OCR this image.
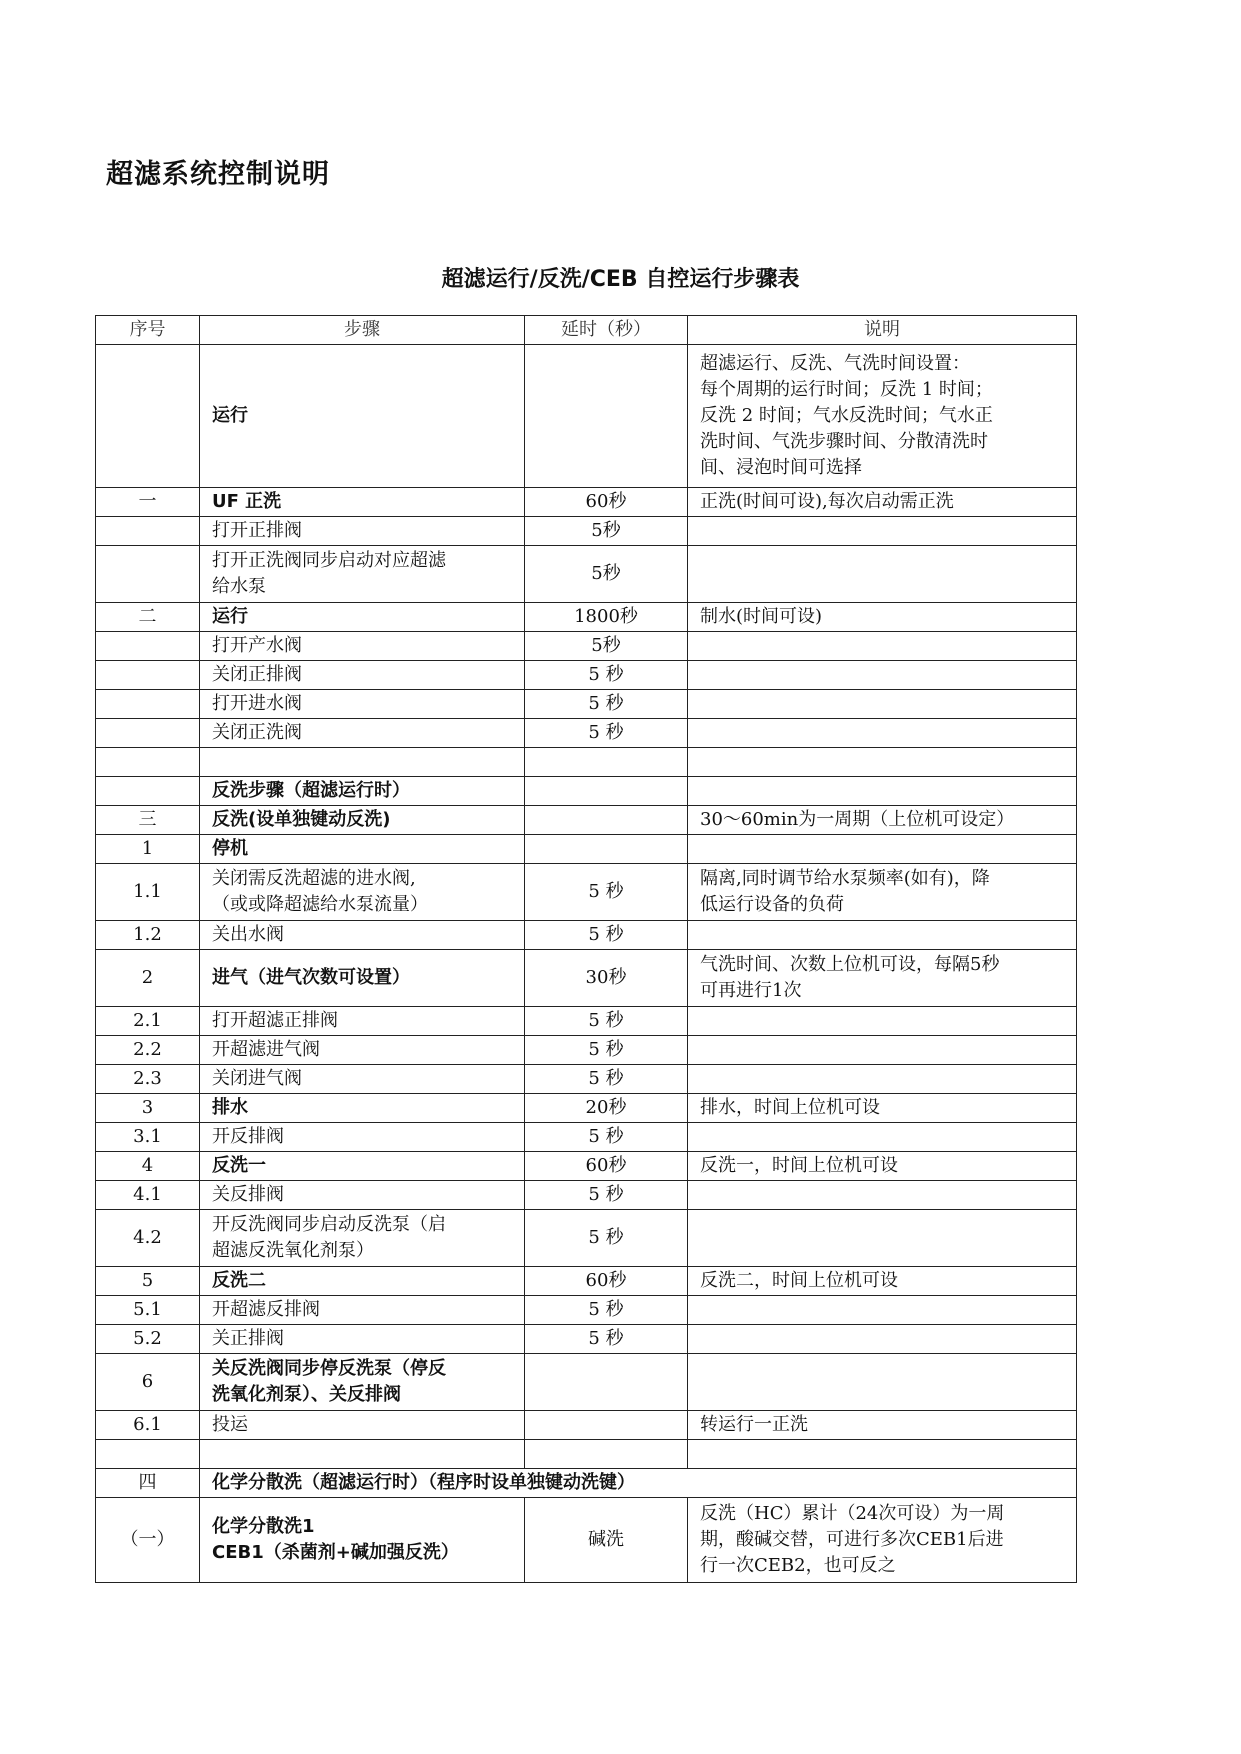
超滤系统控制说明
超滤运行/反洗/CEB 自控运行步骤表
序号	步骤	延时（秒）	说明
	运行		超滤运行、反洗、气洗时间设置：
每个周期的运行时间；反洗 1 时间；
反洗 2 时间；气水反洗时间；气水正
洗时间、气洗步骤时间、分散清洗时
间、浸泡时间可选择
一	UF 正洗	60秒	正洗(时间可设),每次启动需正洗
	打开正排阀	5秒	
	打开正洗阀同步启动对应超滤
给水泵	5秒	
二	运行	1800秒	制水(时间可设)
	打开产水阀	5秒	
	关闭正排阀	5 秒	
	打开进水阀	5 秒	
	关闭正洗阀	5 秒	

	反洗步骤（超滤运行时）		
三	反洗(设单独键动反洗)		30～60min为一周期（上位机可设定）
1	停机		
1.1	关闭需反洗超滤的进水阀,
（或或降超滤给水泵流量）	5 秒	隔离,同时调节给水泵频率(如有)，降
低运行设备的负荷
1.2	关出水阀	5 秒	
2	进气（进气次数可设置）	30秒	气洗时间、次数上位机可设，每隔5秒
可再进行1次
2.1	打开超滤正排阀	5 秒	
2.2	开超滤进气阀	5 秒	
2.3	关闭进气阀	5 秒	
3	排水	20秒	排水，时间上位机可设
3.1	开反排阀	5 秒	
4	反洗一	60秒	反洗一，时间上位机可设
4.1	关反排阀	5 秒	
4.2	开反洗阀同步启动反洗泵（启
超滤反洗氧化剂泵）	5 秒	
5	反洗二	60秒	反洗二，时间上位机可设
5.1	开超滤反排阀	5 秒	
5.2	关正排阀	5 秒	
6	关反洗阀同步停反洗泵（停反
洗氧化剂泵）、关反排阀		
6.1	投运		转运行一正洗

四	化学分散洗（超滤运行时）（程序时设单独键动洗键）		
（一）	化学分散洗1
CEB1（杀菌剂+碱加强反洗）	碱洗	反洗（HC）累计（24次可设）为一周
期，酸碱交替，可进行多次CEB1后进
行一次CEB2，也可反之
